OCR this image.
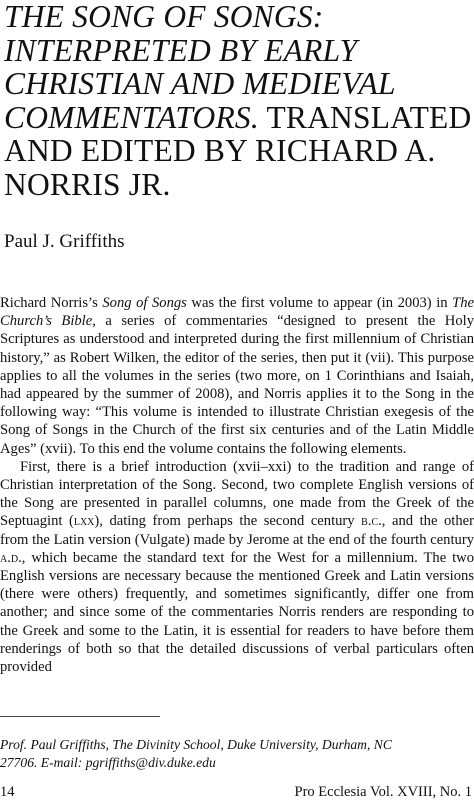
THE SONG OF SONGS: INTERPRETED BY EARLY CHRISTIAN AND MEDIEVAL COMMENTATORS. TRANSLATED AND EDITED BY RICHARD A. NORRIS JR.

Paul J. Griffiths

Richard Norris’s Song of Songs was the first volume to appear (in 2003) in The Church’s Bible, a series of commentaries “designed to present the Holy Scriptures as understood and interpreted during the first millennium of Christian history,” as Robert Wilken, the editor of the series, then put it (vii). This purpose applies to all the volumes in the series (two more, on 1 Corinthians and Isaiah, had appeared by the summer of 2008), and Norris applies it to the Song in the following way: “This volume is intended to illustrate Christian exegesis of the Song of Songs in the Church of the first six centuries and of the Latin Middle Ages” (xvii). To this end the volume contains the following elements.

First, there is a brief introduction (xvii–xxi) to the tradition and range of Christian interpretation of the Song. Second, two complete English versions of the Song are presented in parallel columns, one made from the Greek of the Septuagint (lxx), dating from perhaps the second century b.c., and the other from the Latin version (Vulgate) made by Jerome at the end of the fourth century a.d., which became the standard text for the West for a millennium. The two English versions are necessary because the mentioned Greek and Latin versions (there were others) frequently, and sometimes significantly, differ one from another; and since some of the commentaries Norris renders are responding to the Greek and some to the Latin, it is essential for readers to have before them renderings of both so that the detailed discussions of verbal particulars often provided

Prof. Paul Griffiths, The Divinity School, Duke University, Durham, NC
27706. E-mail: pgriffiths@div.duke.edu
14	Pro Ecclesia Vol. XVIII, No. 1
